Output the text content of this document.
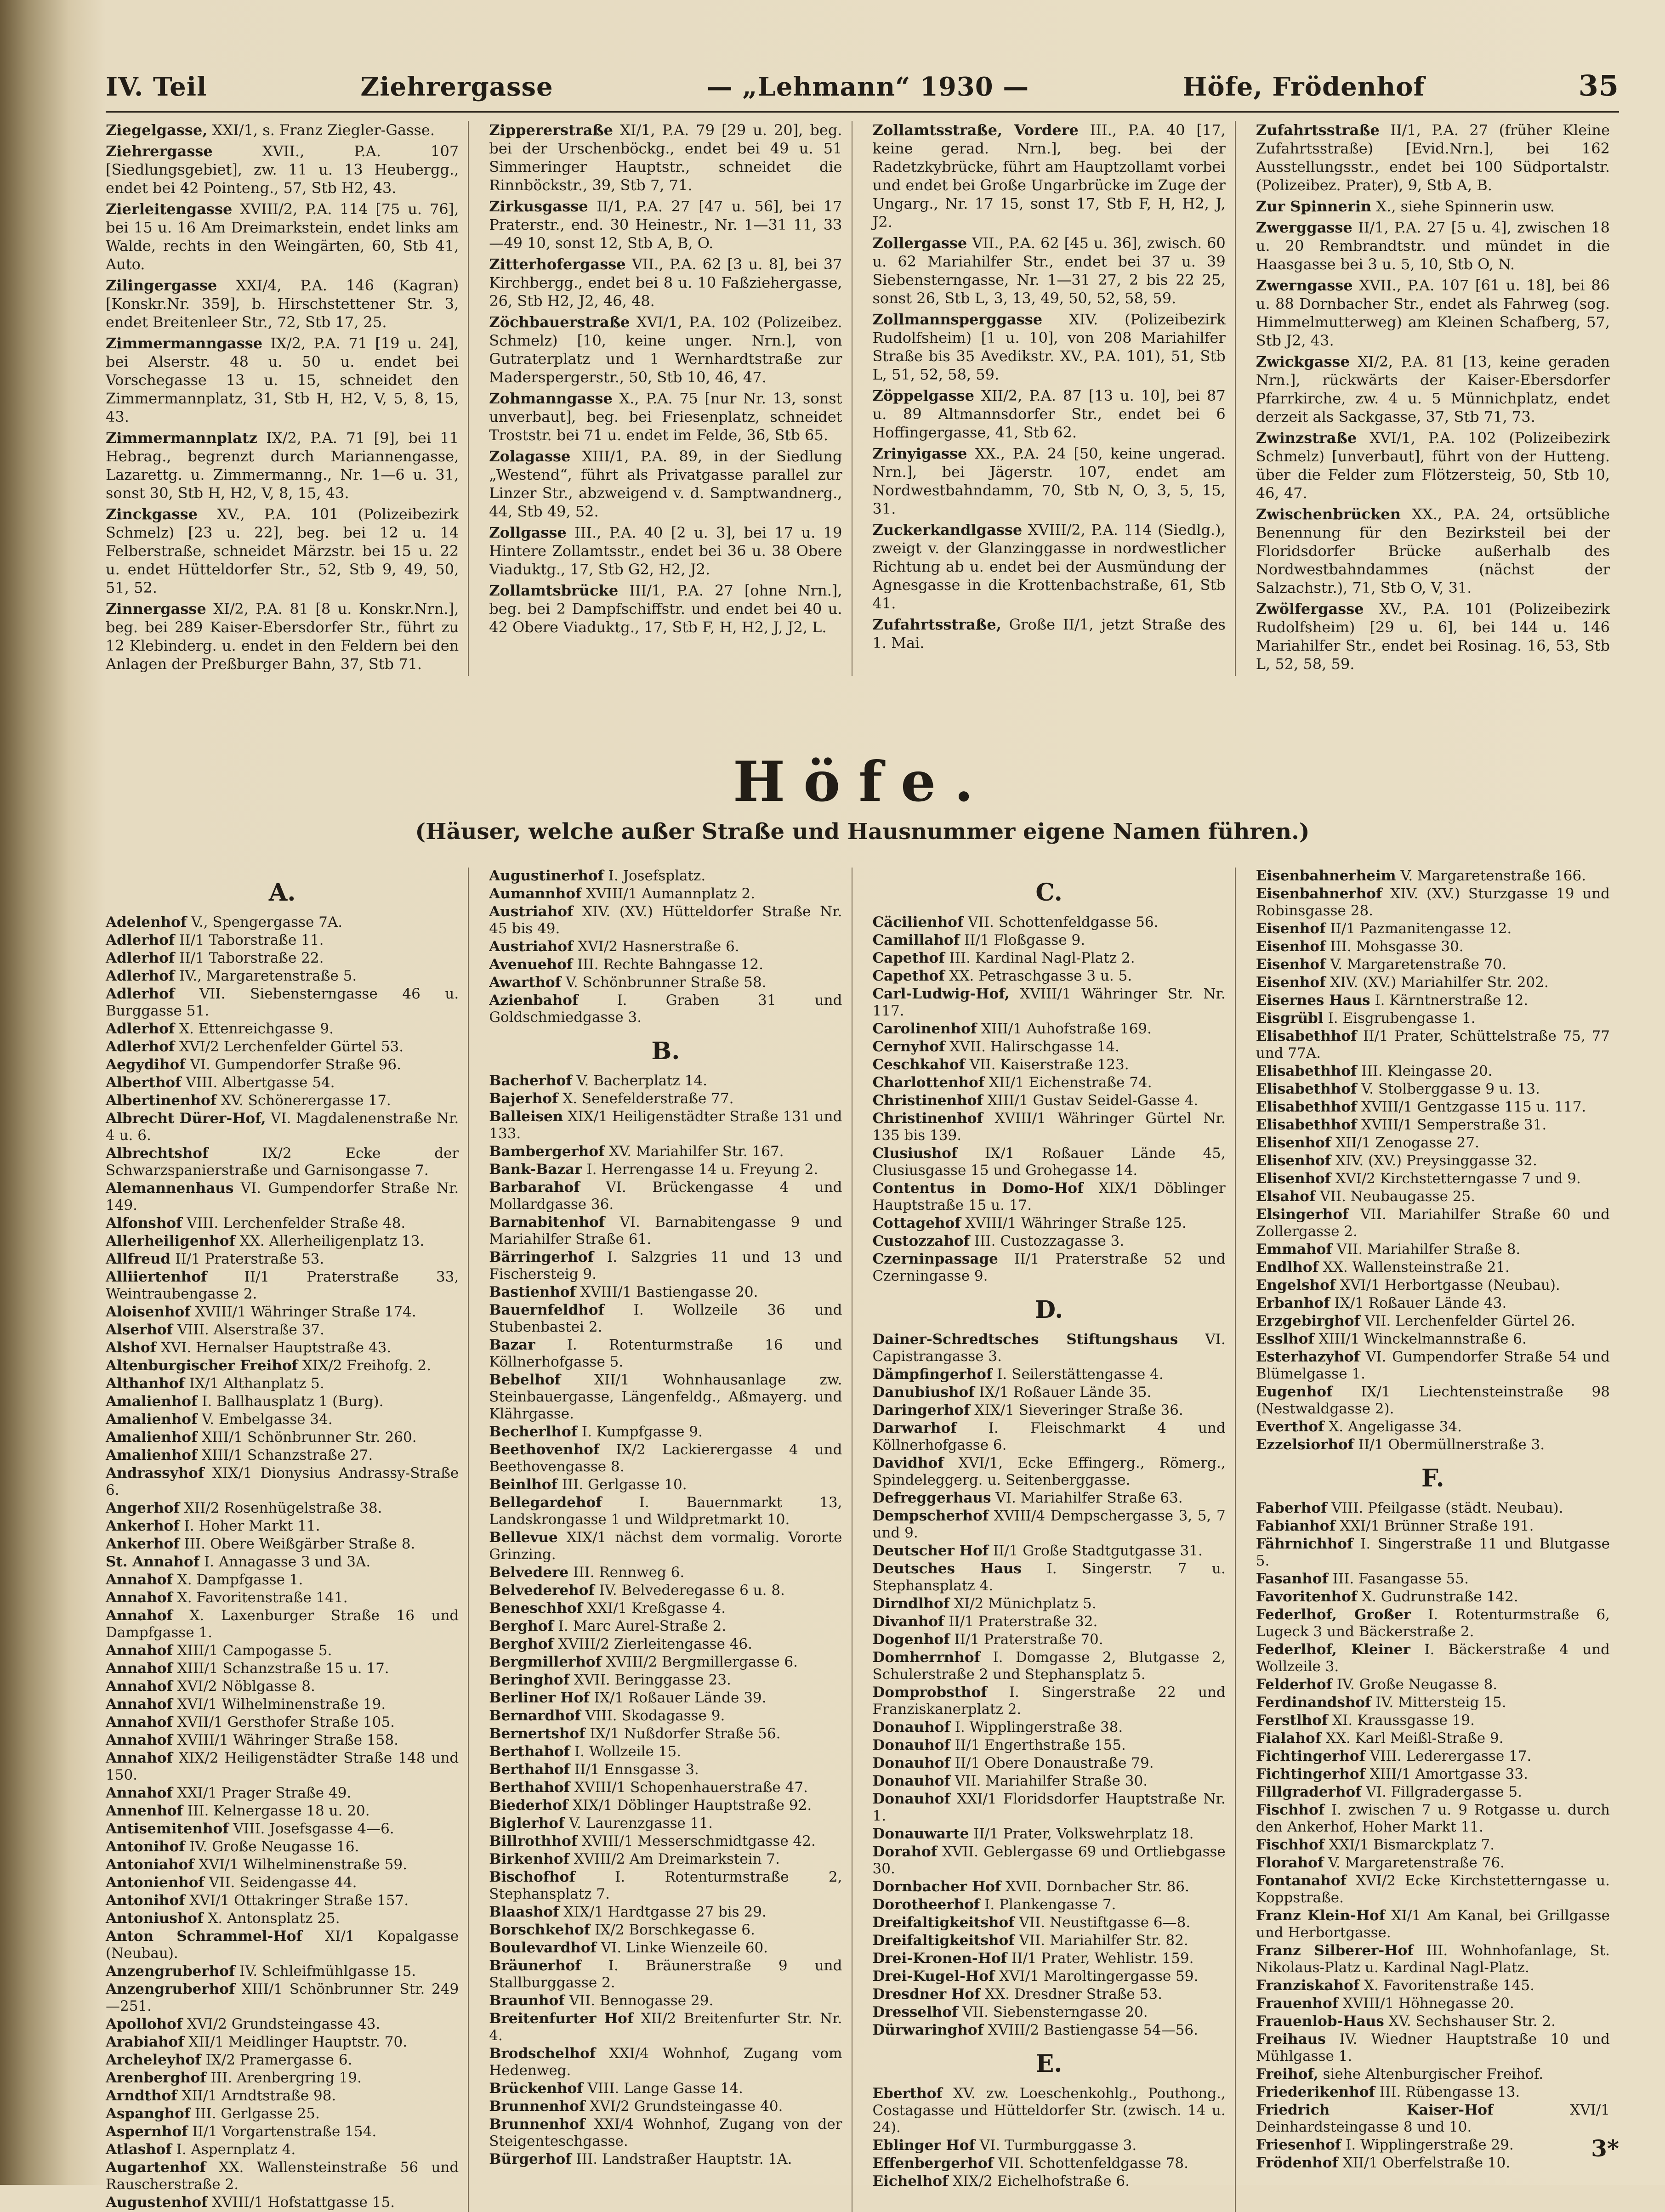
IV. Teil	Ziehrergasse	— „Lehmann“ 1930 —	Höfe, Frödenhof	35
Ziegelgasse, XXI/1, s. Franz Ziegler-Gasse.
Ziehrergasse	XVII., P.A. 107 [Siedlungsgebiet], zw. 11 u. 13 Heubergg., endet bei 42 Pointeng., 57, Stb H2, 43.
Zierleitengasse XVIII/2, P.A. 114 [75 u. 76], bei 15 u. 16 Am Dreimarkstein, endet links am Walde, rechts in den Weingärten, 60, Stb 41, Auto.
Zilingergasse XXI/4, P.A. 146 (Kagran) [Konskr.Nr. 359], b. Hirschstettener Str. 3, endet Breitenleer Str., 72, Stb 17, 25.
Zimmermanngasse IX/2, P.A. 71 [19 u. 24], bei Alserstr. 48 u. 50 u. endet bei Vorschegasse 13 u. 15, schneidet den Zimmermannplatz, 31, Stb H, H2, V, 5, 8, 15, 43.
Zimmermannplatz IX/2, P.A. 71 [9], bei 11 Hebrag., begrenzt durch Mariannengasse, Lazarettg. u. Zimmermanng., Nr. 1—6 u. 31, sonst 30, Stb H, H2, V, 8, 15, 43.
Zinckgasse XV., P.A. 101 (Polizeibezirk Schmelz) [23 u. 22], beg. bei 12 u. 14 Felberstraße, schneidet Märzstr. bei 15 u. 22 u. endet Hütteldorfer Str., 52, Stb 9, 49, 50, 51, 52.
Zinnergasse XI/2, P.A. 81 [8 u. Konskr.Nrn.], beg. bei 289 Kaiser-Ebersdorfer Str., führt zu 12 Klebinderg. u. endet in den Feldern bei den Anlagen der Preßburger Bahn, 37, Stb 71.
Zippererstraße XI/1, P.A. 79 [29 u. 20], beg. bei der Urschenböckg., endet bei 49 u. 51 Simmeringer Hauptstr., schneidet die Rinnböckstr., 39, Stb 7, 71.
Zirkusgasse II/1, P.A. 27 [47 u. 56], bei 17 Praterstr., end. 30 Heinestr., Nr. 1—31 11, 33—49 10, sonst 12, Stb A, B, O.
Zitterhofergasse VII., P.A. 62 [3 u. 8], bei 37 Kirchbergg., endet bei 8 u. 10 Faßziehergasse, 26, Stb H2, J2, 46, 48.
Zöchbauerstraße XVI/1, P.A. 102 (Polizeibez. Schmelz) [10, keine unger. Nrn.], von Gutraterplatz und 1 Wernhardtstraße zur Maderspergerstr., 50, Stb 10, 46, 47.
Zohmanngasse X., P.A. 75 [nur Nr. 13, sonst unverbaut], beg. bei Friesenplatz, schneidet Troststr. bei 71 u. endet im Felde, 36, Stb 65.
Zolagasse XIII/1, P.A. 89, in der Siedlung „Westend“, führt als Privatgasse parallel zur Linzer Str., abzweigend v. d. Samptwandnerg., 44, Stb 49, 52.
Zollgasse III., P.A. 40 [2 u. 3], bei 17 u. 19 Hintere Zollamtsstr., endet bei 36 u. 38 Obere Viaduktg., 17, Stb G2, H2, J2.
Zollamtsbrücke III/1, P.A. 27 [ohne Nrn.], beg. bei 2 Dampfschiffstr. und endet bei 40 u. 42 Obere Viaduktg., 17, Stb F, H, H2, J, J2, L.
Zollamtsstraße, Vordere III., P.A. 40 [17, keine gerad. Nrn.], beg. bei der Radetzkybrücke, führt am Hauptzollamt vorbei und endet bei Große Ungarbrücke im Zuge der Ungarg., Nr. 17 15, sonst 17, Stb F, H, H2, J, J2.
Zollergasse VII., P.A. 62 [45 u. 36], zwisch. 60 u. 62 Mariahilfer Str., endet bei 37 u. 39 Siebensterngasse, Nr. 1—31 27, 2 bis 22 25, sonst 26, Stb L, 3, 13, 49, 50, 52, 58, 59.
Zollmannsperggasse XIV. (Polizeibezirk Rudolfsheim) [1 u. 10], von 208 Mariahilfer Straße bis 35 Avedikstr. XV., P.A. 101), 51, Stb L, 51, 52, 58, 59.
Zöppelgasse XII/2, P.A. 87 [13 u. 10], bei 87 u. 89 Altmannsdorfer Str., endet bei 6 Hoffingergasse, 41, Stb 62.
Zrinyigasse XX., P.A. 24 [50, keine ungerad. Nrn.], bei Jägerstr. 107, endet am Nordwestbahndamm, 70, Stb N, O, 3, 5, 15, 31.
Zuckerkandlgasse XVIII/2, P.A. 114 (Siedlg.), zweigt v. der Glanzinggasse in nordwestlicher Richtung ab u. endet bei der Ausmündung der Agnesgasse in die Krottenbachstraße, 61, Stb 41.
Zufahrtsstraße, Große II/1, jetzt Straße des 1. Mai.
Zufahrtsstraße II/1, P.A. 27 (früher Kleine Zufahrtsstraße) [Evid.Nrn.], bei 162 Ausstellungsstr., endet bei 100 Südportalstr. (Polizeibez. Prater), 9, Stb A, B.
Zur Spinnerin X., siehe Spinnerin usw.
Zwerggasse II/1, P.A. 27 [5 u. 4], zwischen 18 u. 20 Rembrandtstr. und mündet in die Haasgasse bei 3 u. 5, 10, Stb O, N.
Zwerngasse XVII., P.A. 107 [61 u. 18], bei 86 u. 88 Dornbacher Str., endet als Fahrweg (sog. Himmelmutterweg) am Kleinen Schafberg, 57, Stb J2, 43.
Zwickgasse XI/2, P.A. 81 [13, keine geraden Nrn.], rückwärts der Kaiser-Ebersdorfer Pfarrkirche, zw. 4 u. 5 Münnichplatz, endet derzeit als Sackgasse, 37, Stb 71, 73.
Zwinzstraße XVI/1, P.A. 102 (Polizeibezirk Schmelz) [unverbaut], führt von der Hutteng. über die Felder zum Flötzersteig, 50, Stb 10, 46, 47.
Zwischenbrücken XX., P.A. 24, ortsübliche Benennung für den Bezirksteil bei der Floridsdorfer Brücke außerhalb des Nordwestbahndammes (nächst der Salzachstr.), 71, Stb O, V, 31.
Zwölfergasse XV., P.A. 101 (Polizeibezirk Rudolfsheim) [29 u. 6], bei 144 u. 146 Mariahilfer Str., endet bei Rosinag. 16, 53, Stb L, 52, 58, 59.
Höfe.
(Häuser, welche außer Straße und Hausnummer eigene Namen führen.)
A.
Adelenhof V., Spengergasse 7A.
Adlerhof II/1 Taborstraße 11.
Adlerhof II/1 Taborstraße 22.
Adlerhof IV., Margaretenstraße 5.
Adlerhof VII. Siebensterngasse 46 u. Burggasse 51.
Adlerhof X. Ettenreichgasse 9.
Adlerhof XVI/2 Lerchenfelder Gürtel 53.
Aegydihof VI. Gumpendorfer Straße 96.
Alberthof VIII. Albertgasse 54.
Albertinenhof XV. Schönerergasse 17.
Albrecht Dürer-Hof, VI. Magdalenenstraße Nr. 4 u. 6.
Albrechtshof	IX/2 Ecke der Schwarzspanierstraße und Garnisongasse 7.
Alemannenhaus VI. Gumpendorfer Straße Nr. 149.
Alfonshof VIII. Lerchenfelder Straße 48.
Allerheiligenhof XX. Allerheiligenplatz 13.
Allfreud II/1 Praterstraße 53.
Alliiertenhof	II/1 Praterstraße 33, Weintraubengasse 2.
Aloisenhof XVIII/1 Währinger Straße 174.
Alserhof VIII. Alserstraße 37.
Alshof XVI. Hernalser Hauptstraße 43.
Altenburgischer Freihof XIX/2 Freihofg. 2.
Althanhof IX/1 Althanplatz 5.
Amalienhof I. Ballhausplatz 1 (Burg).
Amalienhof V. Embelgasse 34.
Amalienhof XIII/1 Schönbrunner Str. 260.
Amalienhof XIII/1 Schanzstraße 27.
Andrassyhof XIX/1 Dionysius Andrassy-Straße 6.
Angerhof XII/2 Rosenhügelstraße 38.
Ankerhof I. Hoher Markt 11.
Ankerhof III. Obere Weißgärber Straße 8.
St. Annahof I. Annagasse 3 und 3A.
Annahof X. Dampfgasse 1.
Annahof X. Favoritenstraße 141.
Annahof X. Laxenburger Straße 16 und Dampfgasse 1.
Annahof XIII/1 Campogasse 5.
Annahof XIII/1 Schanzstraße 15 u. 17.
Annahof XVI/2 Nöblgasse 8.
Annahof XVI/1 Wilhelminenstraße 19.
Annahof XVII/1 Gersthofer Straße 105.
Annahof XVIII/1 Währinger Straße 158.
Annahof XIX/2 Heiligenstädter Straße 148 und 150.
Annahof XXI/1 Prager Straße 49.
Annenhof III. Kelnergasse 18 u. 20.
Antisemitenhof VIII. Josefsgasse 4—6.
Antonihof IV. Große Neugasse 16.
Antoniahof XVI/1 Wilhelminenstraße 59.
Antonienhof VII. Seidengasse 44.
Antonihof XVI/1 Ottakringer Straße 157.
Antoniushof X. Antonsplatz 25.
Anton Schrammel-Hof XI/1 Kopalgasse (Neubau).
Anzengruberhof IV. Schleifmühlgasse 15.
Anzengruberhof XIII/1 Schönbrunner Str. 249—251.
Apollohof XVI/2 Grundsteingasse 43.
Arabiahof XII/1 Meidlinger Hauptstr. 70.
Archeleyhof IX/2 Pramergasse 6.
Arenberghof III. Arenbergring 19.
Arndthof XII/1 Arndtstraße 98.
Aspanghof III. Gerlgasse 25.
Aspernhof II/1 Vorgartenstraße 154.
Atlashof I. Aspernplatz 4.
Augartenhof XX. Wallensteinstraße 56 und Rauscherstraße 2.
Augustenhof XVIII/1 Hofstattgasse 15.
Augustinerhof I. Josefsplatz.
Aumannhof XVIII/1 Aumannplatz 2.
Austriahof XIV. (XV.) Hütteldorfer Straße Nr. 45 bis 49.
Austriahof XVI/2 Hasnerstraße 6.
Avenuehof III. Rechte Bahngasse 12.
Awarthof V. Schönbrunner Straße 58.
Azienbahof	I. Graben 31 und Goldschmiedgasse 3.
B.
Bacherhof V. Bacherplatz 14.
Bajerhof X. Senefelderstraße 77.
Balleisen XIX/1 Heiligenstädter Straße 131 und 133.
Bambergerhof XV. Mariahilfer Str. 167.
Bank-Bazar I. Herrengasse 14 u. Freyung 2.
Barbarahof VI. Brückengasse 4 und Mollardgasse 36.
Barnabitenhof VI. Barnabitengasse 9 und Mariahilfer Straße 61.
Bärringerhof I. Salzgries 11 und 13 und Fischersteig 9.
Bastienhof XVIII/1 Bastiengasse 20.
Bauernfeldhof I. Wollzeile 36 und Stubenbastei 2.
Bazar I. Rotenturmstraße 16 und Köllnerhofgasse 5.
Bebelhof XII/1 Wohnhausanlage zw. Steinbauergasse, Längenfeldg., Aßmayerg. und Klährgasse.
Becherlhof I. Kumpfgasse 9.
Beethovenhof IX/2 Lackierergasse 4 und Beethovengasse 8.
Beinlhof III. Gerlgasse 10.
Bellegardehof	I. Bauernmarkt 13, Landskrongasse 1 und Wildpretmarkt 10.
Bellevue XIX/1 nächst dem vormalig. Vororte Grinzing.
Belvedere III. Rennweg 6.
Belvederehof IV. Belvederegasse 6 u. 8.
Beneschhof XXI/1 Kreßgasse 4.
Berghof I. Marc Aurel-Straße 2.
Berghof XVIII/2 Zierleitengasse 46.
Bergmillerhof XVIII/2 Bergmillergasse 6.
Beringhof XVII. Beringgasse 23.
Berliner Hof IX/1 Roßauer Lände 39.
Bernardhof VIII. Skodagasse 9.
Bernertshof IX/1 Nußdorfer Straße 56.
Berthahof I. Wollzeile 15.
Berthahof II/1 Ennsgasse 3.
Berthahof XVIII/1 Schopenhauerstraße 47.
Biederhof XIX/1 Döblinger Hauptstraße 92.
Biglerhof V. Laurenzgasse 11.
Billrothhof XVIII/1 Messerschmidtgasse 42.
Birkenhof XVIII/2 Am Dreimarkstein 7.
Bischofhof	I. Rotenturmstraße 2, Stephansplatz 7.
Blaashof XIX/1 Hardtgasse 27 bis 29.
Borschkehof IX/2 Borschkegasse 6.
Boulevardhof VI. Linke Wienzeile 60.
Bräunerhof I. Bräunerstraße 9 und Stallburggasse 2.
Braunhof VII. Bennogasse 29.
Breitenfurter Hof XII/2 Breitenfurter Str. Nr. 4.
Brodschelhof XXI/4 Wohnhof, Zugang vom Hedenweg.
Brückenhof VIII. Lange Gasse 14.
Brunnenhof XVI/2 Grundsteingasse 40.
Brunnenhof XXI/4 Wohnhof, Zugang von der Steigenteschgasse.
Bürgerhof III. Landstraßer Hauptstr. 1A.
C.
Cäcilienhof VII. Schottenfeldgasse 56.
Camillahof II/1 Floßgasse 9.
Capethof III. Kardinal Nagl-Platz 2.
Capethof XX. Petraschgasse 3 u. 5.
Carl-Ludwig-Hof, XVIII/1 Währinger Str. Nr. 117.
Carolinenhof XIII/1 Auhofstraße 169.
Cernyhof XVII. Halirschgasse 14.
Ceschkahof VII. Kaiserstraße 123.
Charlottenhof XII/1 Eichenstraße 74.
Christinenhof XIII/1 Gustav Seidel-Gasse 4.
Christinenhof XVIII/1 Währinger Gürtel Nr. 135 bis 139.
Clusiushof IX/1 Roßauer Lände 45, Clusiusgasse 15 und Grohegasse 14.
Contentus in Domo-Hof XIX/1 Döblinger Hauptstraße 15 u. 17.
Cottagehof XVIII/1 Währinger Straße 125.
Custozzahof III. Custozzagasse 3.
Czerninpassage II/1 Praterstraße 52 und Czerningasse 9.
D.
Dainer-Schredtsches Stiftungshaus VI. Capistrangasse 3.
Dämpfingerhof I. Seilerstättengasse 4.
Danubiushof IX/1 Roßauer Lände 35.
Daringerhof XIX/1 Sieveringer Straße 36.
Darwarhof I. Fleischmarkt 4 und Köllnerhofgasse 6.
Davidhof XVI/1, Ecke Effingerg., Römerg., Spindeleggerg. u. Seitenberggasse.
Defreggerhaus VI. Mariahilfer Straße 63.
Dempscherhof XVIII/4 Dempschergasse 3, 5, 7 und 9.
Deutscher Hof II/1 Große Stadtgutgasse 31.
Deutsches Haus I. Singerstr. 7 u. Stephansplatz 4.
Dirndlhof XI/2 Münichplatz 5.
Divanhof II/1 Praterstraße 32.
Dogenhof II/1 Praterstraße 70.
Domherrnhof I. Domgasse 2, Blutgasse 2, Schulerstraße 2 und Stephansplatz 5.
Domprobsthof I. Singerstraße 22 und Franziskanerplatz 2.
Donauhof I. Wipplingerstraße 38.
Donauhof II/1 Engerthstraße 155.
Donauhof II/1 Obere Donaustraße 79.
Donauhof VII. Mariahilfer Straße 30.
Donauhof XXI/1 Floridsdorfer Hauptstraße Nr. 1.
Donauwarte II/1 Prater, Volkswehrplatz 18.
Dorahof XVII. Geblergasse 69 und Ortliebgasse 30.
Dornbacher Hof XVII. Dornbacher Str. 86.
Dorotheerhof I. Plankengasse 7.
Dreifaltigkeitshof VII. Neustiftgasse 6—8.
Dreifaltigkeitshof VII. Mariahilfer Str. 82.
Drei-Kronen-Hof II/1 Prater, Wehlistr. 159.
Drei-Kugel-Hof XVI/1 Maroltingergasse 59.
Dresdner Hof XX. Dresdner Straße 53.
Dresselhof VII. Siebensterngasse 20.
Dürwaringhof XVIII/2 Bastiengasse 54—56.
E.
Eberthof XV. zw. Loeschenkohlg., Pouthong., Costagasse und Hütteldorfer Str. (zwisch. 14 u. 24).
Eblinger Hof VI. Turmburggasse 3.
Effenbergerhof VII. Schottenfeldgasse 78.
Eichelhof XIX/2 Eichelhofstraße 6.
Eisenbahnerheim V. Margaretenstraße 166.
Eisenbahnerhof XIV. (XV.) Sturzgasse 19 und Robinsgasse 28.
Eisenhof II/1 Pazmanitengasse 12.
Eisenhof III. Mohsgasse 30.
Eisenhof V. Margaretenstraße 70.
Eisenhof XIV. (XV.) Mariahilfer Str. 202.
Eisernes Haus I. Kärntnerstraße 12.
Eisgrübl I. Eisgrubengasse 1.
Elisabethhof II/1 Prater, Schüttelstraße 75, 77 und 77A.
Elisabethhof III. Kleingasse 20.
Elisabethhof V. Stolberggasse 9 u. 13.
Elisabethhof XVIII/1 Gentzgasse 115 u. 117.
Elisabethhof XVIII/1 Semperstraße 31.
Elisenhof XII/1 Zenogasse 27.
Elisenhof XIV. (XV.) Preysinggasse 32.
Elisenhof XVI/2 Kirchstetterngasse 7 und 9.
Elsahof VII. Neubaugasse 25.
Elsingerhof VII. Mariahilfer Straße 60 und Zollergasse 2.
Emmahof VII. Mariahilfer Straße 8.
Endlhof XX. Wallensteinstraße 21.
Engelshof XVI/1 Herbortgasse (Neubau).
Erbanhof IX/1 Roßauer Lände 43.
Erzgebirghof VII. Lerchenfelder Gürtel 26.
Esslhof XIII/1 Winckelmannstraße 6.
Esterhazyhof VI. Gumpendorfer Straße 54 und Blümelgasse 1.
Eugenhof IX/1 Liechtensteinstraße 98 (Nestwaldgasse 2).
Everthof X. Angeligasse 34.
Ezzelsiorhof II/1 Obermüllnerstraße 3.
F.
Faberhof VIII. Pfeilgasse (städt. Neubau).
Fabianhof XXI/1 Brünner Straße 191.
Fährnichhof I. Singerstraße 11 und Blutgasse 5.
Fasanhof III. Fasangasse 55.
Favoritenhof X. Gudrunstraße 142.
Federlhof, Großer I. Rotenturmstraße 6, Lugeck 3 und Bäckerstraße 2.
Federlhof, Kleiner I. Bäckerstraße 4 und Wollzeile 3.
Felderhof IV. Große Neugasse 8.
Ferdinandshof IV. Mittersteig 15.
Ferstlhof XI. Kraussgasse 19.
Fialahof XX. Karl Meißl-Straße 9.
Fichtingerhof VIII. Lederergasse 17.
Fichtingerhof XIII/1 Amortgasse 33.
Fillgraderhof VI. Fillgradergasse 5.
Fischhof I. zwischen 7 u. 9 Rotgasse u. durch den Ankerhof, Hoher Markt 11.
Fischhof XXI/1 Bismarckplatz 7.
Florahof V. Margaretenstraße 76.
Fontanahof XVI/2 Ecke Kirchstetterngasse u. Koppstraße.
Franz Klein-Hof XI/1 Am Kanal, bei Grillgasse und Herbortgasse.
Franz Silberer-Hof III. Wohnhofanlage, St. Nikolaus-Platz u. Kardinal Nagl-Platz.
Franziskahof X. Favoritenstraße 145.
Frauenhof XVIII/1 Höhnegasse 20.
Frauenlob-Haus XV. Sechshauser Str. 2.
Freihaus IV. Wiedner Hauptstraße 10 und Mühlgasse 1.
Freihof, siehe Altenburgischer Freihof.
Friederikenhof III. Rübengasse 13.
Friedrich Kaiser-Hof	XVI/1 Deinhardsteingasse 8 und 10.
Friesenhof I. Wipplingerstraße 29.
Frödenhof XII/1 Oberfelstraße 10.
3*
